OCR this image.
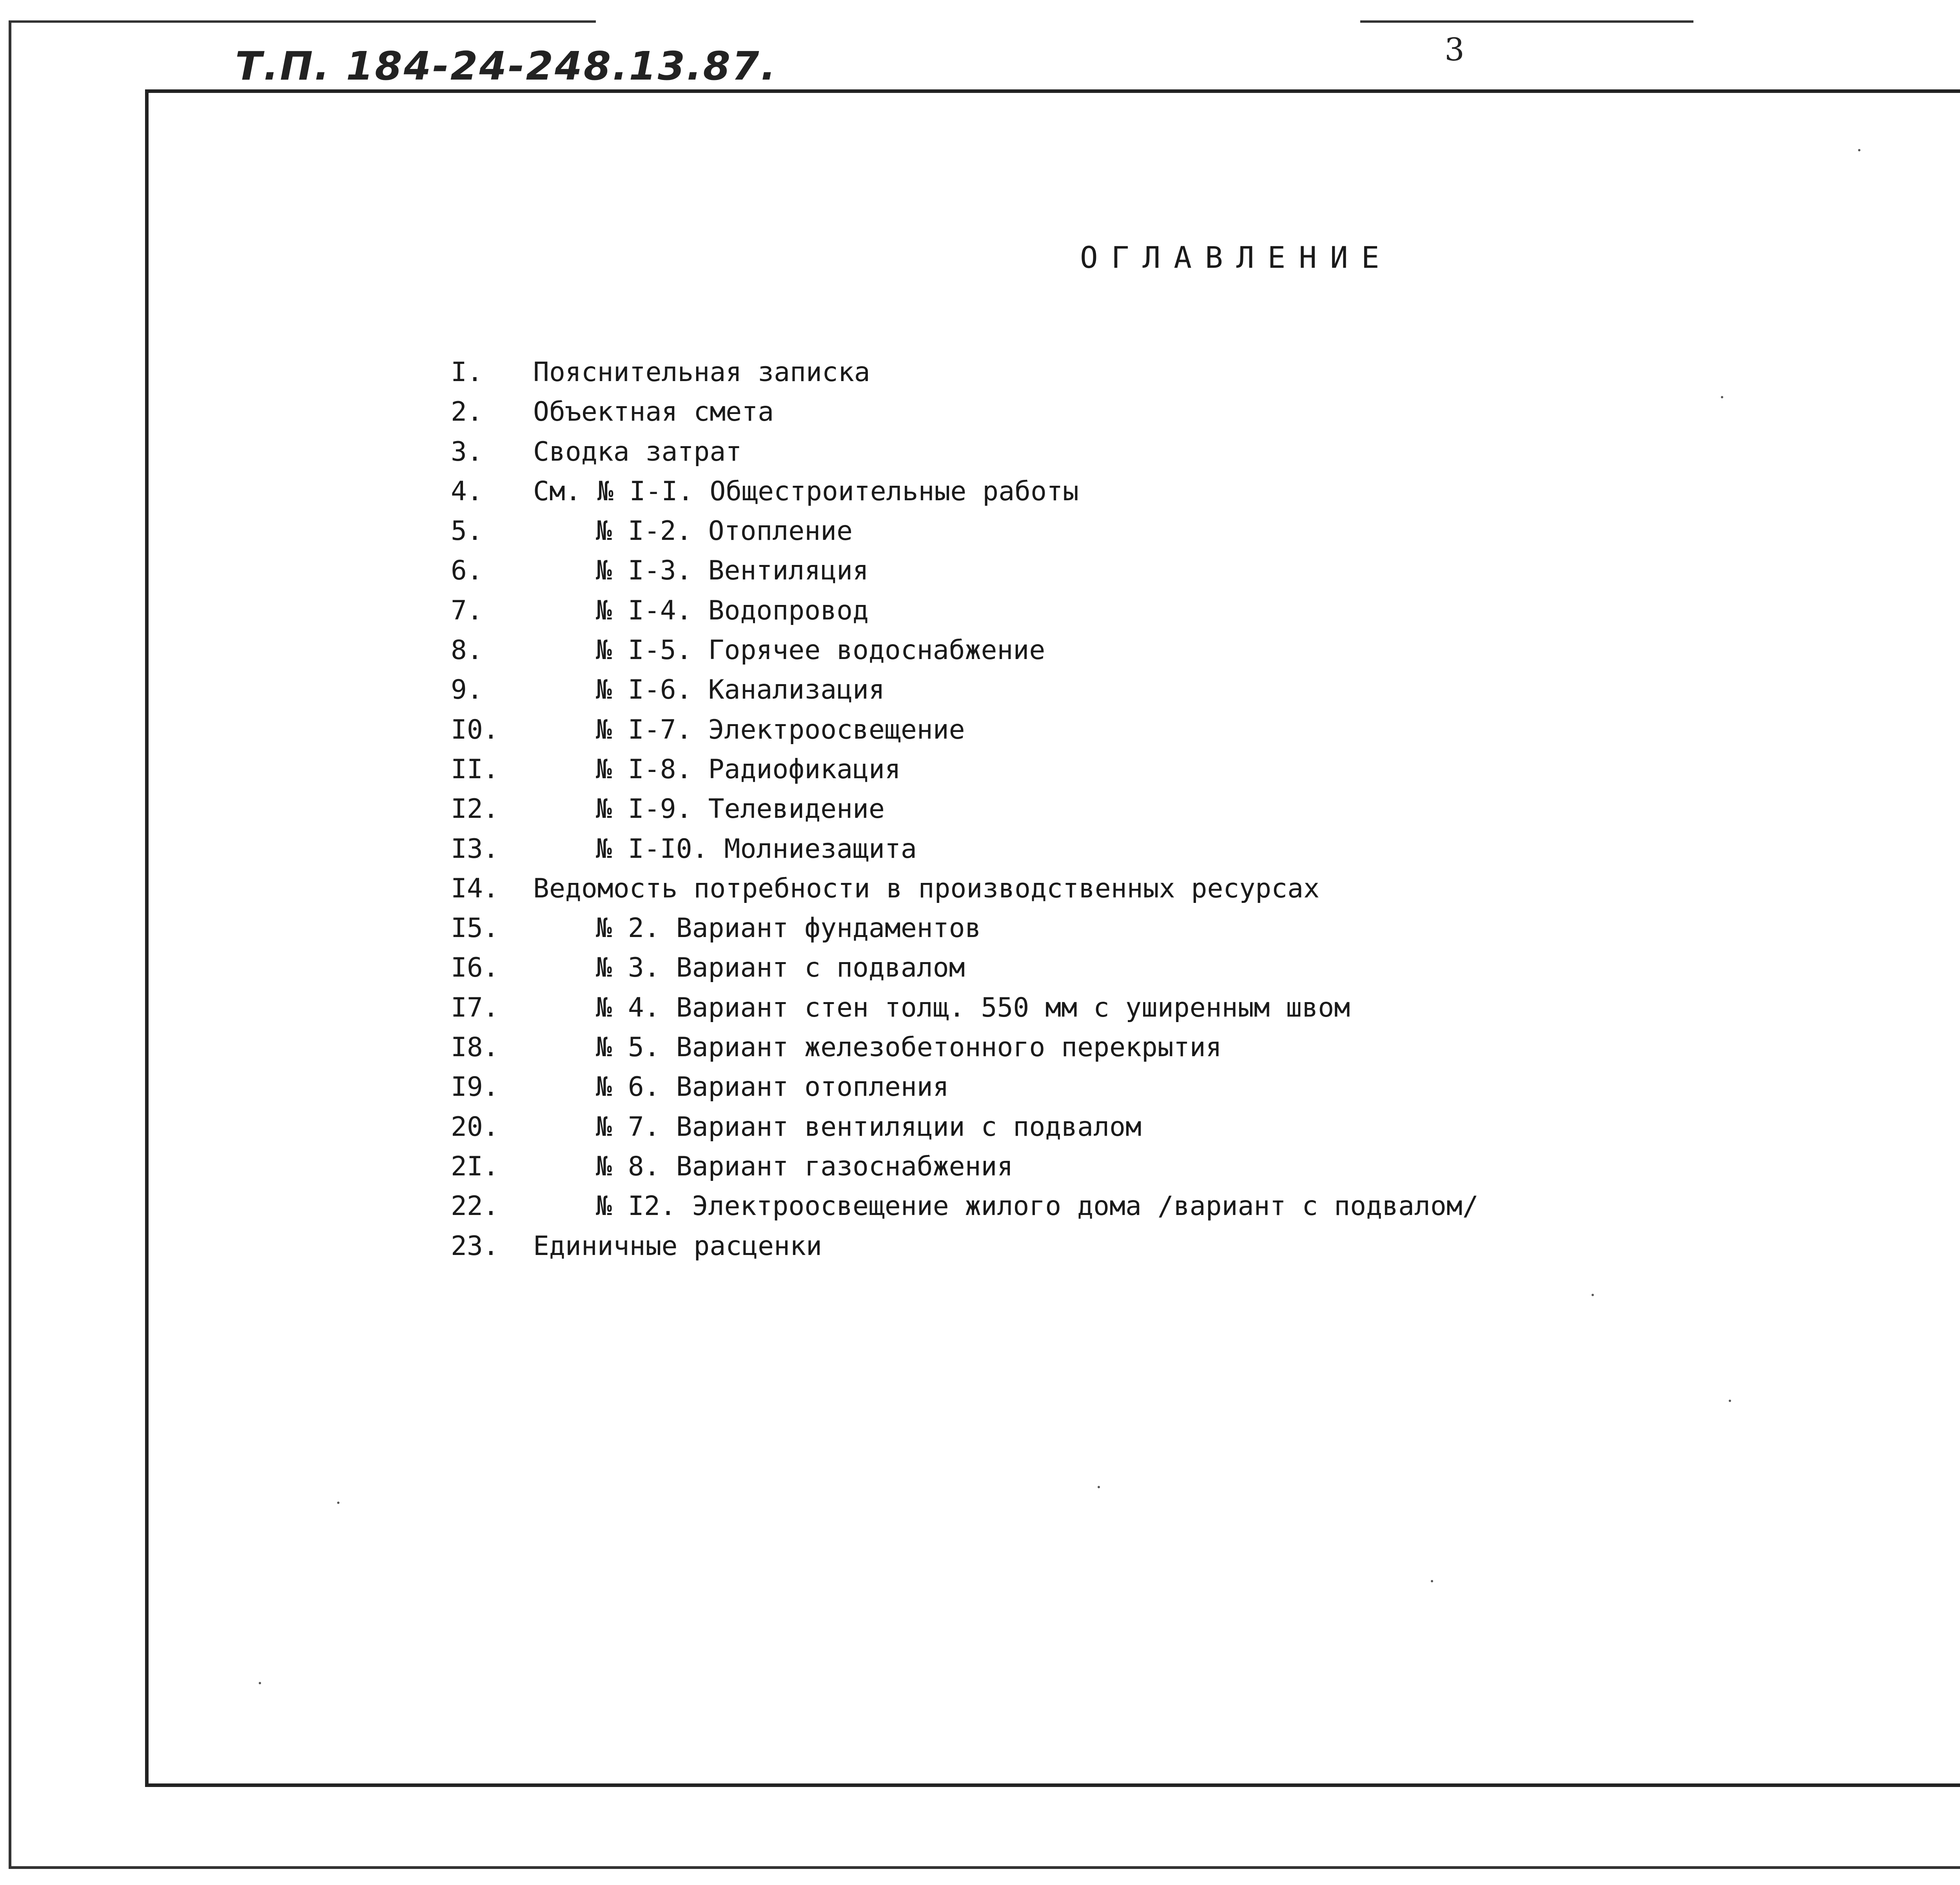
Т.П. 184-24-248.13.87.	3
ОГЛАВЛЕНИЕ
I. Пояснительная записка
2. Объектная смета
3. Сводка затрат
4. См. № I-I. Общестроительные работы
5.	№ I-2. Отопление
6.	№ I-3. Вентиляция
7.	№ I-4. Водопровод
8.	№ I-5. Горячее водоснабжение
9.	№ I-6. Канализация
I0.	№ I-7. Электроосвещение
II.	№ I-8. Радиофикация
I2.	№ I-9. Телевидение
I3.	№ I-I0. Молниезащита
I4. Ведомость потребности в производственных ресурсах
I5.	№ 2. Вариант фундаментов
I6.	№ 3. Вариант с подвалом
I7.	№ 4. Вариант стен толщ. 550 мм с уширенным швом
I8.	№ 5. Вариант железобетонного перекрытия
I9.	№ 6. Вариант отопления
20.	№ 7. Вариант вентиляции с подвалом
2I.	№ 8. Вариант газоснабжения
22.	№ I2. Электроосвещение жилого дома /вариант с подвалом/
23. Единичные расценки
